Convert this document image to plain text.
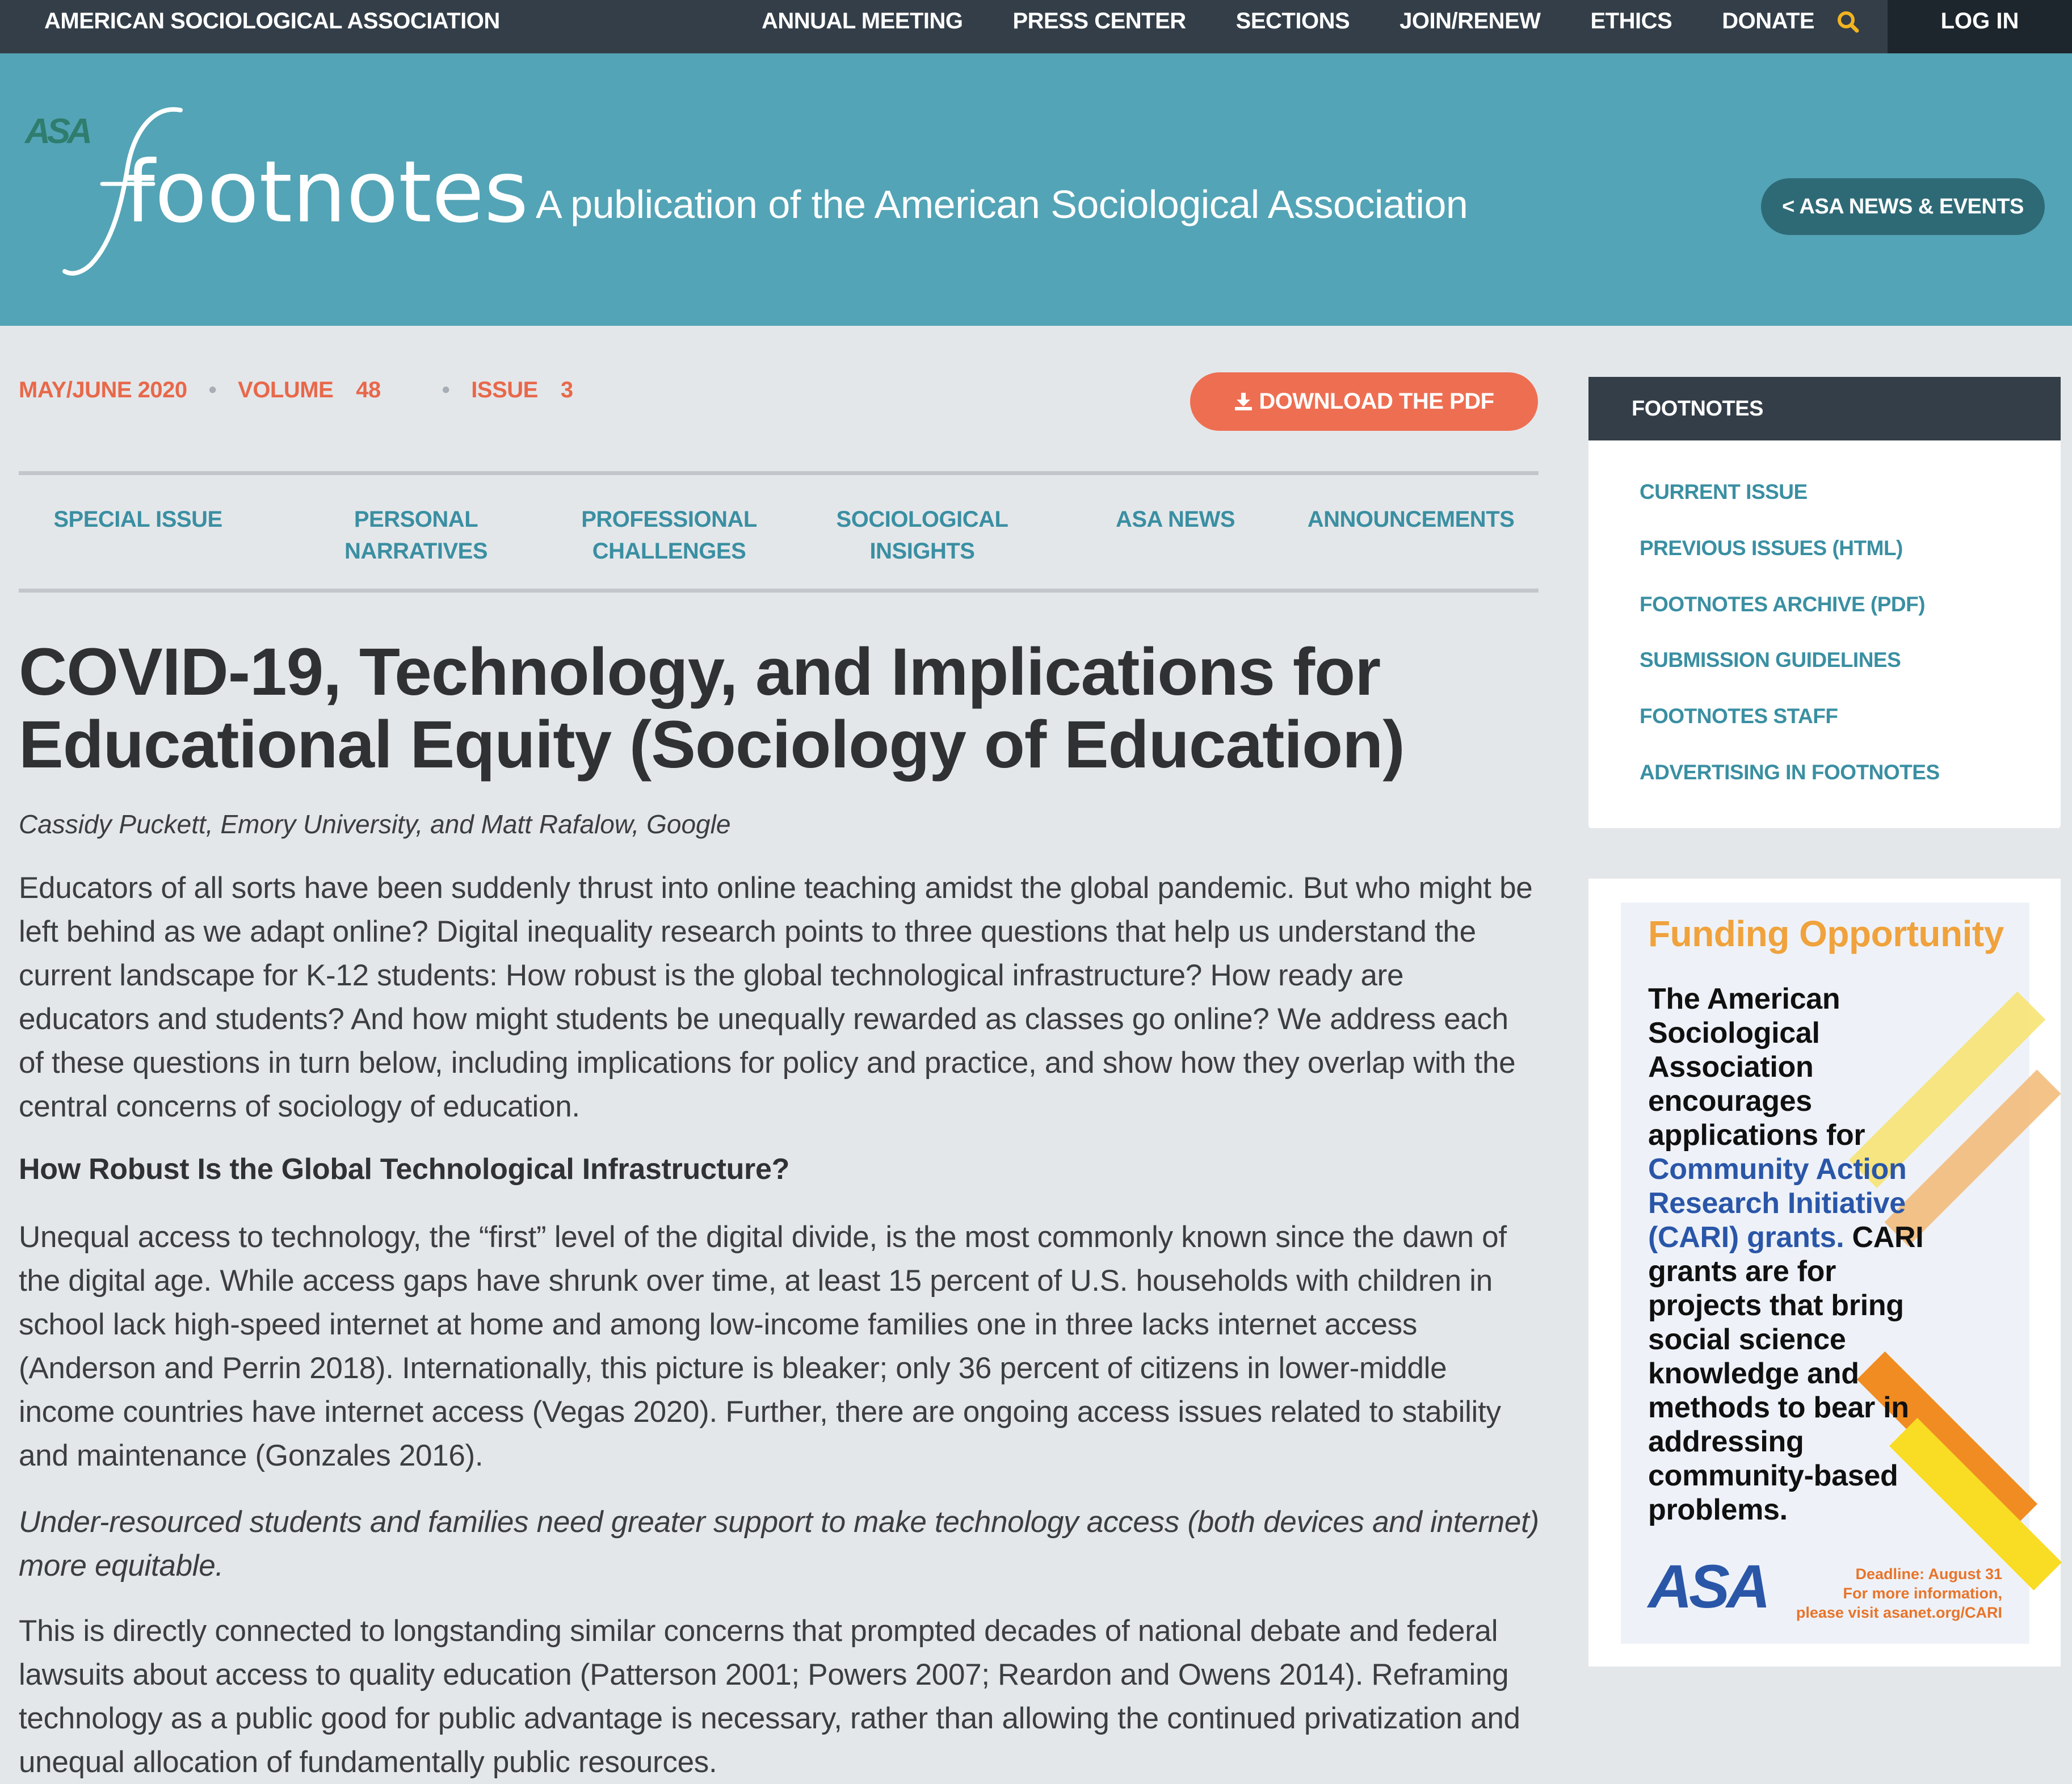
AMERICAN SOCIOLOGICAL ASSOCIATION	ANNUAL MEETING PRESS CENTER SECTIONS JOIN/RENEW ETHICS DONATE	LOG IN
ASA
footnotes A publication of the American Sociological Association	< ASA NEWS & EVENTS
MAY/JUNE 2020 • VOLUME 48	• ISSUE 3	DOWNLOAD THE PDF
SPECIAL ISSUE	PERSONAL
NARRATIVES
PROFESSIONAL
CHALLENGES
SOCIOLOGICAL
INSIGHTS
ASA NEWS	ANNOUNCEMENTS
COVID-19, Technology, and Implications for Educational Equity (Sociology of Education)

Cassidy Puckett, Emory University, and Matt Rafalow, Google

Educators of all sorts have been suddenly thrust into online teaching amidst the global pandemic. But who might be left behind as we adapt online? Digital inequality research points to three questions that help us understand the current landscape for K-12 students: How robust is the global technological infrastructure? How ready are educators and students? And how might students be unequally rewarded as classes go online? We address each of these questions in turn below, including implications for policy and practice, and show how they overlap with the central concerns of sociology of education.

How Robust Is the Global Technological Infrastructure?

Unequal access to technology, the “first” level of the digital divide, is the most commonly known since the dawn of the digital age. While access gaps have shrunk over time, at least 15 percent of U.S. households with children in school lack high-speed internet at home and among low-income families one in three lacks internet access (Anderson and Perrin 2018). Internationally, this picture is bleaker; only 36 percent of citizens in lower-middle income countries have internet access (Vegas 2020). Further, there are ongoing access issues related to stability and maintenance (Gonzales 2016).

Under-resourced students and families need greater support to make technology access (both devices and internet) more equitable.

This is directly connected to longstanding similar concerns that prompted decades of national debate and federal lawsuits about access to quality education (Patterson 2001; Powers 2007; Reardon and Owens 2014). Reframing technology as a public good for public advantage is necessary, rather than allowing the continued privatization and unequal allocation of fundamentally public resources.

FOOTNOTES
CURRENT ISSUE
PREVIOUS ISSUES (HTML)
FOOTNOTES ARCHIVE (PDF)
SUBMISSION GUIDELINES
FOOTNOTES STAFF
ADVERTISING IN FOOTNOTES
Funding Opportunity
The American Sociological Association encourages applications for Community Action Research Initiative (CARI) grants. CARI grants are for projects that bring social science knowledge and methods to bear in addressing community-based problems.
ASA	Deadline: August 31
For more information,
please visit asanet.org/CARI
